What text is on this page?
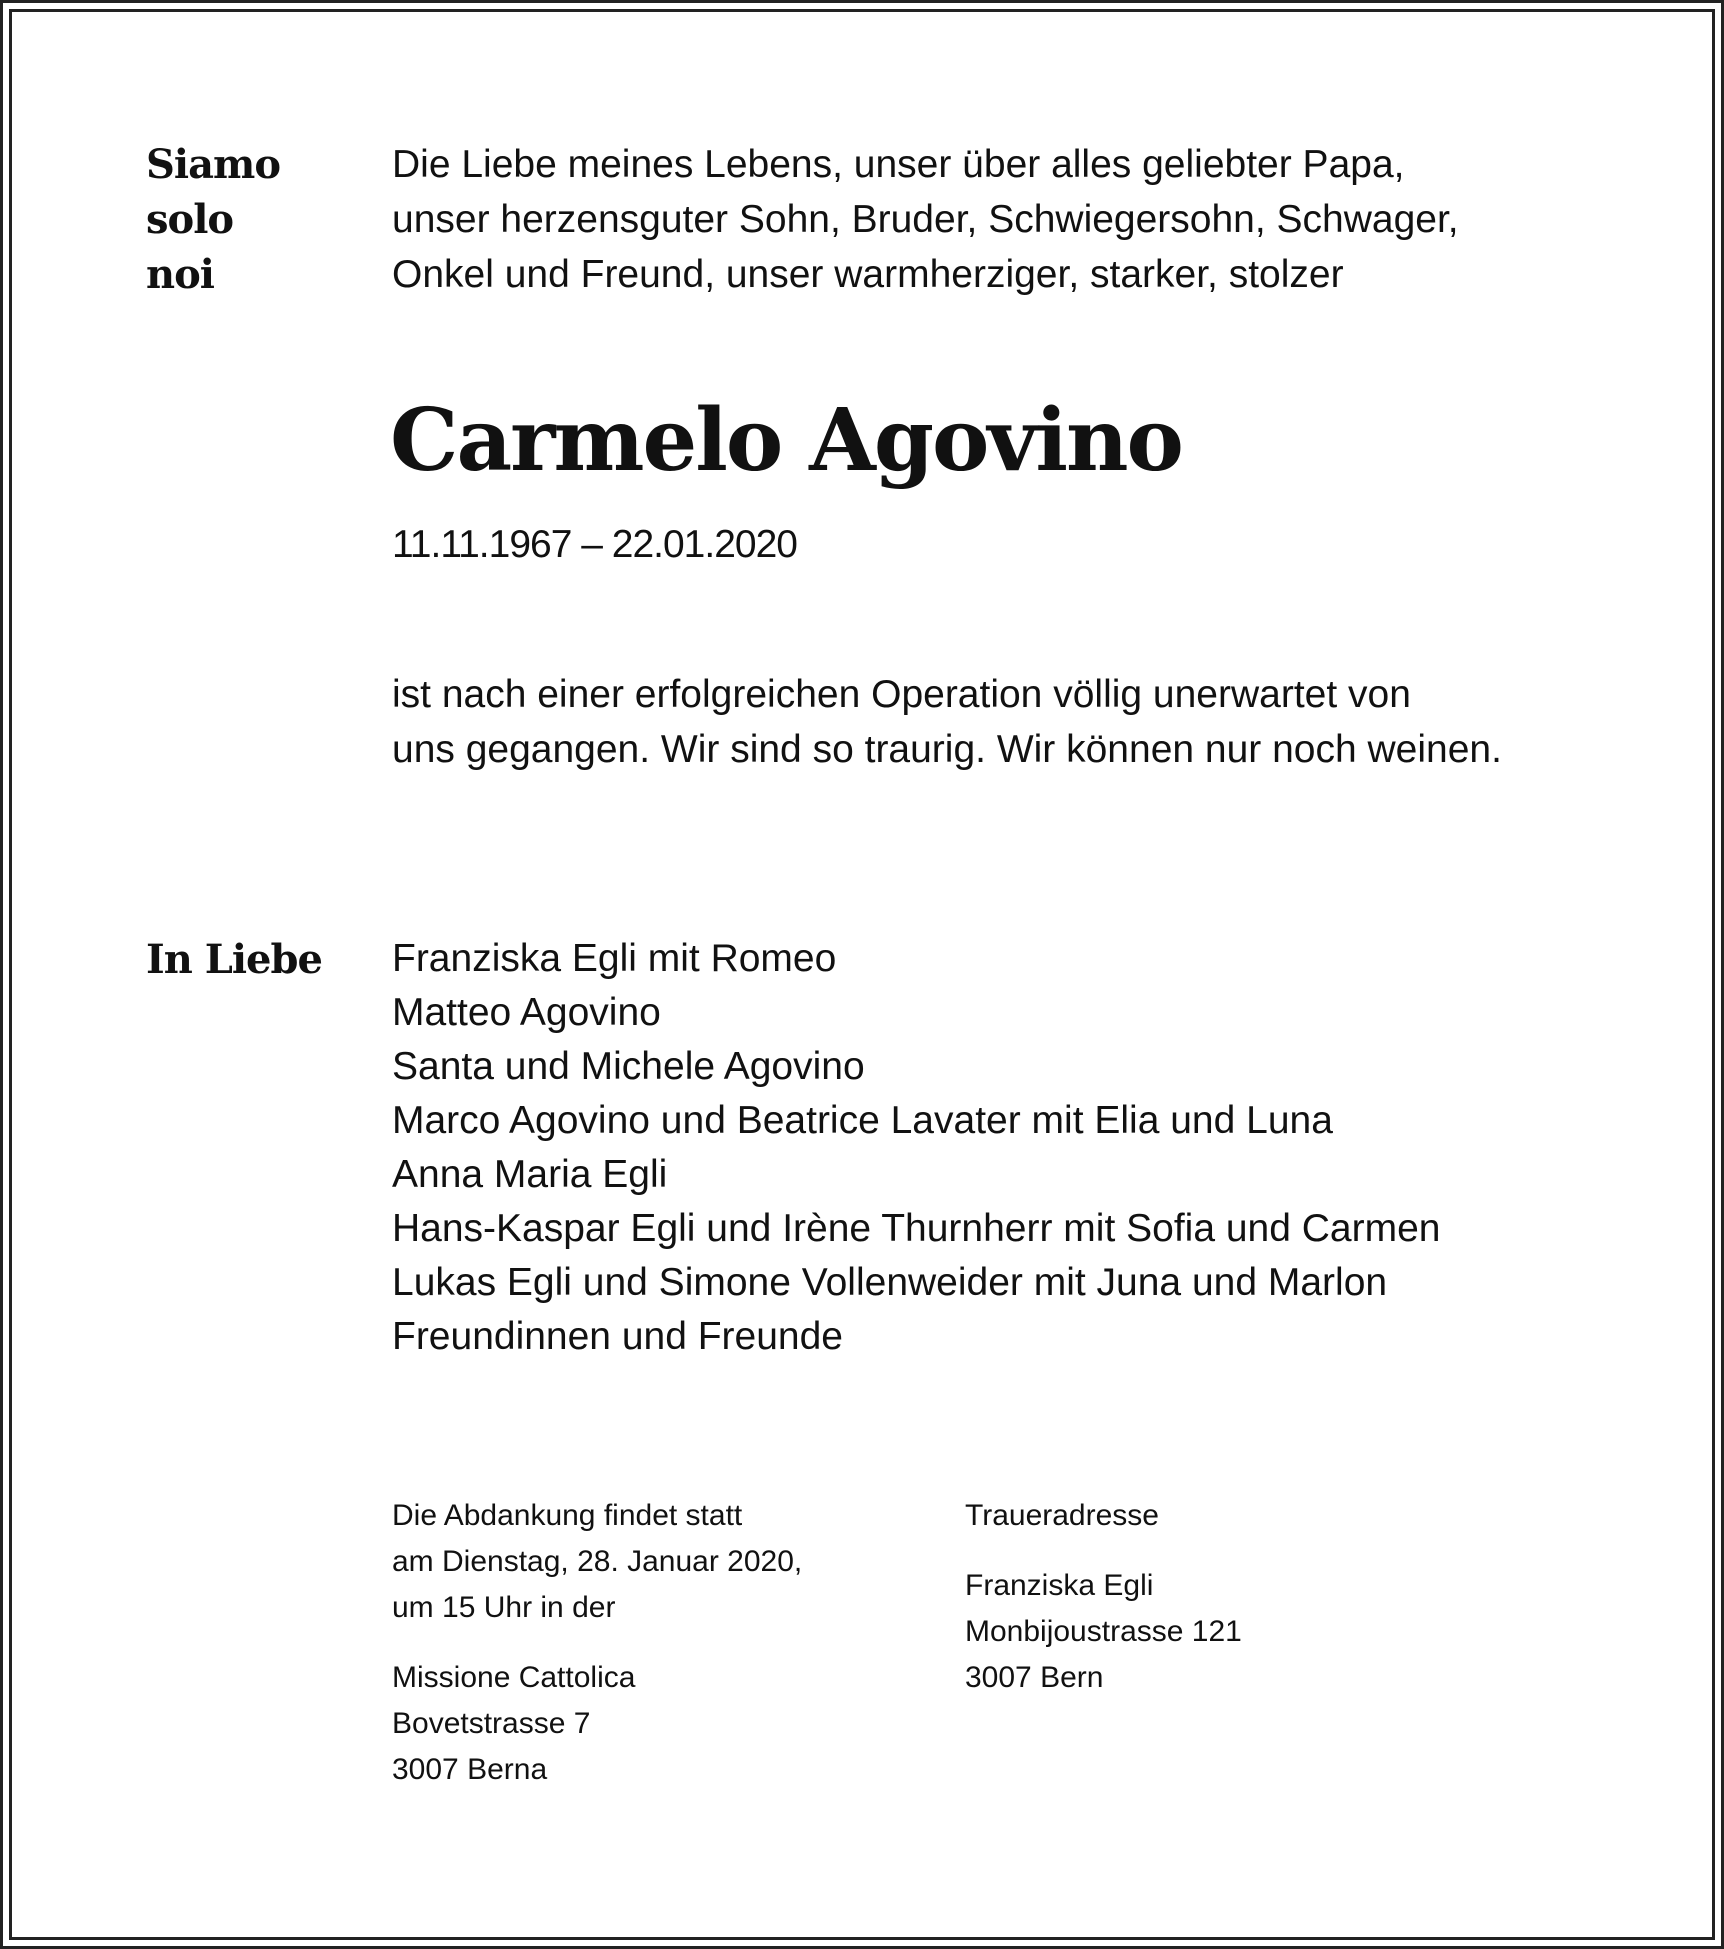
Siamo
solo
noi
Die Liebe meines Lebens, unser über alles geliebter Papa,
unser herzensguter Sohn, Bruder, Schwiegersohn, Schwager,
Onkel und Freund, unser warmherziger, starker, stolzer
Carmelo Agovino
11.11.1967 – 22.01.2020
ist nach einer erfolgreichen Operation völlig unerwartet von
uns gegangen. Wir sind so traurig. Wir können nur noch weinen.
In Liebe Franziska Egli mit Romeo
Matteo Agovino
Santa und Michele Agovino
Marco Agovino und Beatrice Lavater mit Elia und Luna
Anna Maria Egli
Hans-Kaspar Egli und Irène Thurnherr mit Sofia und Carmen
Lukas Egli und Simone Vollenweider mit Juna und Marlon
Freundinnen und Freunde
Die Abdankung findet statt
am Dienstag, 28. Januar 2020,
um 15 Uhr in der
Missione Cattolica
Bovetstrasse 7
3007 Berna
Traueradresse
Franziska Egli
Monbijoustrasse 121
3007 Bern
